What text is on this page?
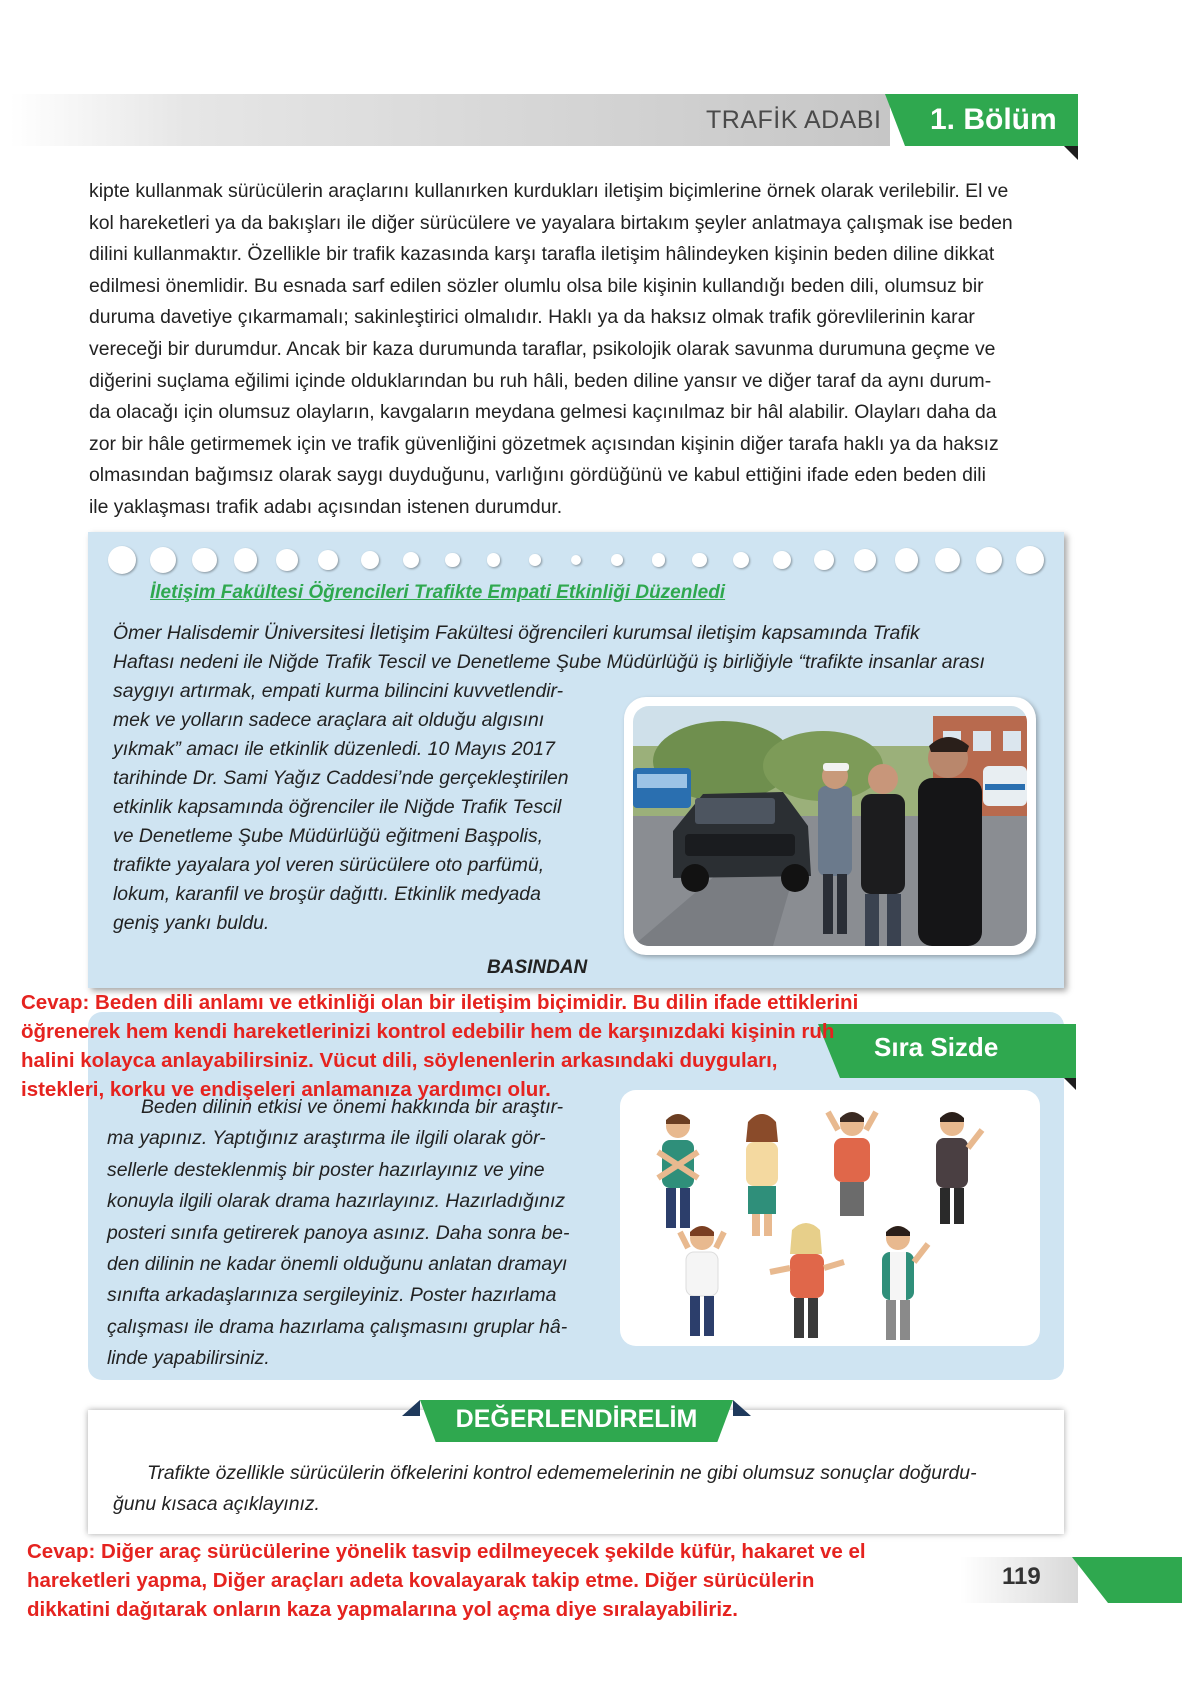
TRAFİK ADABI 1. Bölüm
kipte kullanmak sürücülerin araçlarını kullanırken kurdukları iletişim biçimlerine örnek olarak verilebilir. El ve
kol hareketleri ya da bakışları ile diğer sürücülere ve yayalara birtakım şeyler anlatmaya çalışmak ise beden
dilini kullanmaktır. Özellikle bir trafik kazasında karşı tarafla iletişim hâlindeyken kişinin beden diline dikkat
edilmesi önemlidir. Bu esnada sarf edilen sözler olumlu olsa bile kişinin kullandığı beden dili, olumsuz bir
duruma davetiye çıkarmamalı; sakinleştirici olmalıdır. Haklı ya da haksız olmak trafik görevlilerinin karar
vereceği bir durumdur. Ancak bir kaza durumunda taraflar, psikolojik olarak savunma durumuna geçme ve
diğerini suçlama eğilimi içinde olduklarından bu ruh hâli, beden diline yansır ve diğer taraf da aynı durum-
da olacağı için olumsuz olayların, kavgaların meydana gelmesi kaçınılmaz bir hâl alabilir. Olayları daha da
zor bir hâle getirmemek için ve trafik güvenliğini gözetmek açısından kişinin diğer tarafa haklı ya da haksız
olmasından bağımsız olarak saygı duyduğunu, varlığını gördüğünü ve kabul ettiğini ifade eden beden dili
ile yaklaşması trafik adabı açısından istenen durumdur.
İletişim Fakültesi Öğrencileri Trafikte Empati Etkinliği Düzenledi
Ömer Halisdemir Üniversitesi İletişim Fakültesi öğrencileri kurumsal iletişim kapsamında Trafik
Haftası nedeni ile Niğde Trafik Tescil ve Denetleme Şube Müdürlüğü iş birliğiyle “trafikte insanlar arası
saygıyı artırmak, empati kurma bilincini kuvvetlendir-
mek ve yolların sadece araçlara ait olduğu algısını
yıkmak” amacı ile etkinlik düzenledi. 10 Mayıs 2017
tarihinde Dr. Sami Yağız Caddesi’nde gerçekleştirilen
etkinlik kapsamında öğrenciler ile Niğde Trafik Tescil
ve Denetleme Şube Müdürlüğü eğitmeni Başpolis,
trafikte yayalara yol veren sürücülere oto parfümü,
lokum, karanfil ve broşür dağıttı. Etkinlik medyada
geniş yankı buldu.
BASINDAN
Cevap: Beden dili anlamı ve etkinliği olan bir iletişim biçimidir. Bu dilin ifade ettiklerini
öğrenerek hem kendi hareketlerinizi kontrol edebilir hem de karşınızdaki kişinin ruh
halini kolayca anlayabilirsiniz. Vücut dili, söylenenlerin arkasındaki duyguları,
istekleri, korku ve endişeleri anlamanıza yardımcı olur.
Sıra Sizde
Beden dilinin etkisi ve önemi hakkında bir araştır-
ma yapınız. Yaptığınız araştırma ile ilgili olarak gör-
sellerle desteklenmiş bir poster hazırlayınız ve yine
konuyla ilgili olarak drama hazırlayınız. Hazırladığınız
posteri sınıfa getirerek panoya asınız. Daha sonra be-
den dilinin ne kadar önemli olduğunu anlatan dramayı
sınıfta arkadaşlarınıza sergileyiniz. Poster hazırlama
çalışması ile drama hazırlama çalışmasını gruplar hâ-
linde yapabilirsiniz.
DEĞERLENDİRELİM
Trafikte özellikle sürücülerin öfkelerini kontrol edememelerinin ne gibi olumsuz sonuçlar doğurdu-
ğunu kısaca açıklayınız.
Cevap: Diğer araç sürücülerine yönelik tasvip edilmeyecek şekilde küfür, hakaret ve el
hareketleri yapma, Diğer araçları adeta kovalayarak takip etme. Diğer sürücülerin
dikkatini dağıtarak onların kaza yapmalarına yol açma diye sıralayabiliriz.
119
